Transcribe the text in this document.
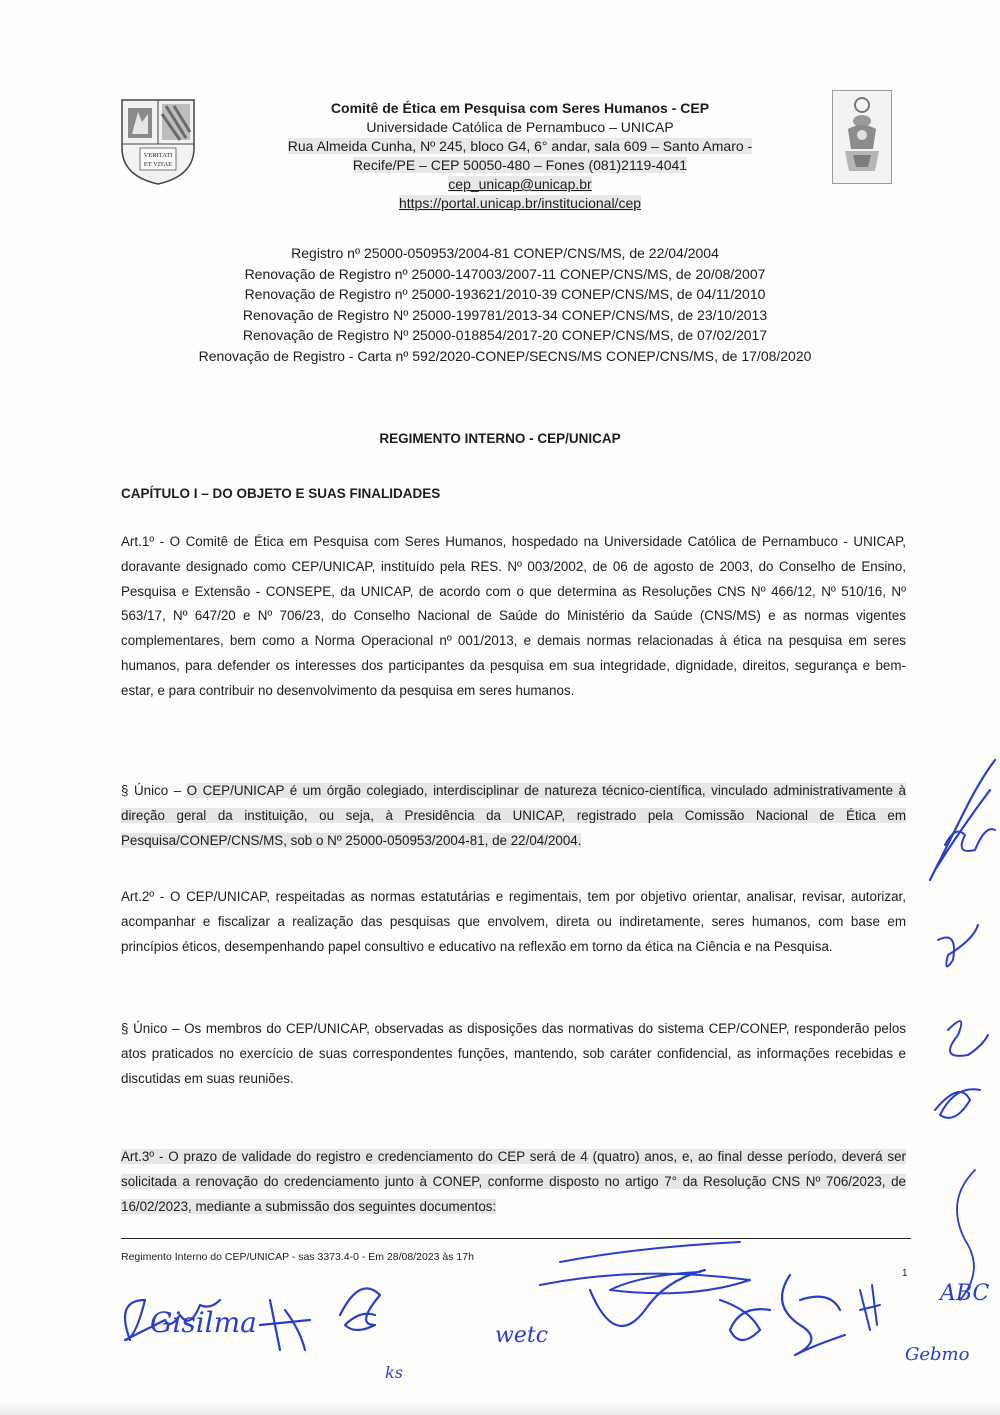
VERITATI
ET VITAE
Comitê de Ética em Pesquisa com Seres Humanos - CEP
Universidade Católica de Pernambuco – UNICAP
Rua Almeida Cunha, Nº 245, bloco G4, 6° andar, sala 609 – Santo Amaro -
Recife/PE – CEP 50050-480 – Fones (081)2119-4041
cep_unicap@unicap.br
https://portal.unicap.br/institucional/cep
Registro nº 25000-050953/2004-81 CONEP/CNS/MS, de 22/04/2004
Renovação de Registro nº 25000-147003/2007-11 CONEP/CNS/MS, de 20/08/2007
Renovação de Registro nº 25000-193621/2010-39 CONEP/CNS/MS, de 04/11/2010
Renovação de Registro Nº 25000-199781/2013-34 CONEP/CNS/MS, de 23/10/2013
Renovação de Registro Nº 25000-018854/2017-20 CONEP/CNS/MS, de 07/02/2017
Renovação de Registro - Carta nº 592/2020-CONEP/SECNS/MS CONEP/CNS/MS, de 17/08/2020
REGIMENTO INTERNO - CEP/UNICAP
CAPÍTULO I – DO OBJETO E SUAS FINALIDADES
Art.1º - O Comitê de Ética em Pesquisa com Seres Humanos, hospedado na Universidade Católica de Pernambuco - UNICAP, doravante designado como CEP/UNICAP, instituído pela RES. Nº 003/2002, de 06 de agosto de 2003, do Conselho de Ensino, Pesquisa e Extensão - CONSEPE, da UNICAP, de acordo com o que determina as Resoluções CNS Nº 466/12, Nº 510/16, Nº 563/17, Nº 647/20 e Nº 706/23, do Conselho Nacional de Saúde do Ministério da Saúde (CNS/MS) e as normas vigentes complementares, bem como a Norma Operacional nº 001/2013, e demais normas relacionadas à ética na pesquisa em seres humanos, para defender os interesses dos participantes da pesquisa em sua integridade, dignidade, direitos, segurança e bem-estar, e para contribuir no desenvolvimento da pesquisa em seres humanos.
§ Único – O CEP/UNICAP é um órgão colegiado, interdisciplinar de natureza técnico-científica, vinculado administrativamente à direção geral da instituição, ou seja, à Presidência da UNICAP, registrado pela Comissão Nacional de Ética em Pesquisa/CONEP/CNS/MS, sob o Nº 25000-050953/2004-81, de 22/04/2004.
Art.2º - O CEP/UNICAP, respeitadas as normas estatutárias e regimentais, tem por objetivo orientar, analisar, revisar, autorizar, acompanhar e fiscalizar a realização das pesquisas que envolvem, direta ou indiretamente, seres humanos, com base em princípios éticos, desempenhando papel consultivo e educativo na reflexão em torno da ética na Ciência e na Pesquisa.
§ Único – Os membros do CEP/UNICAP, observadas as disposições das normativas do sistema CEP/CONEP, responderão pelos atos praticados no exercício de suas correspondentes funções, mantendo, sob caráter confidencial, as informações recebidas e discutidas em suas reuniões.
Art.3º - O prazo de validade do registro e credenciamento do CEP será de 4 (quatro) anos, e, ao final desse período, deverá ser solicitada a renovação do credenciamento junto à CONEP, conforme disposto no artigo 7° da Resolução CNS Nº 706/2023, de 16/02/2023, mediante a submissão dos seguintes documentos:
Regimento Interno do CEP/UNICAP - sas 3373.4-0 - Em 28/08/2023 às 17h
1
Gisilma	wetc
ks
ABC
Gebmo
